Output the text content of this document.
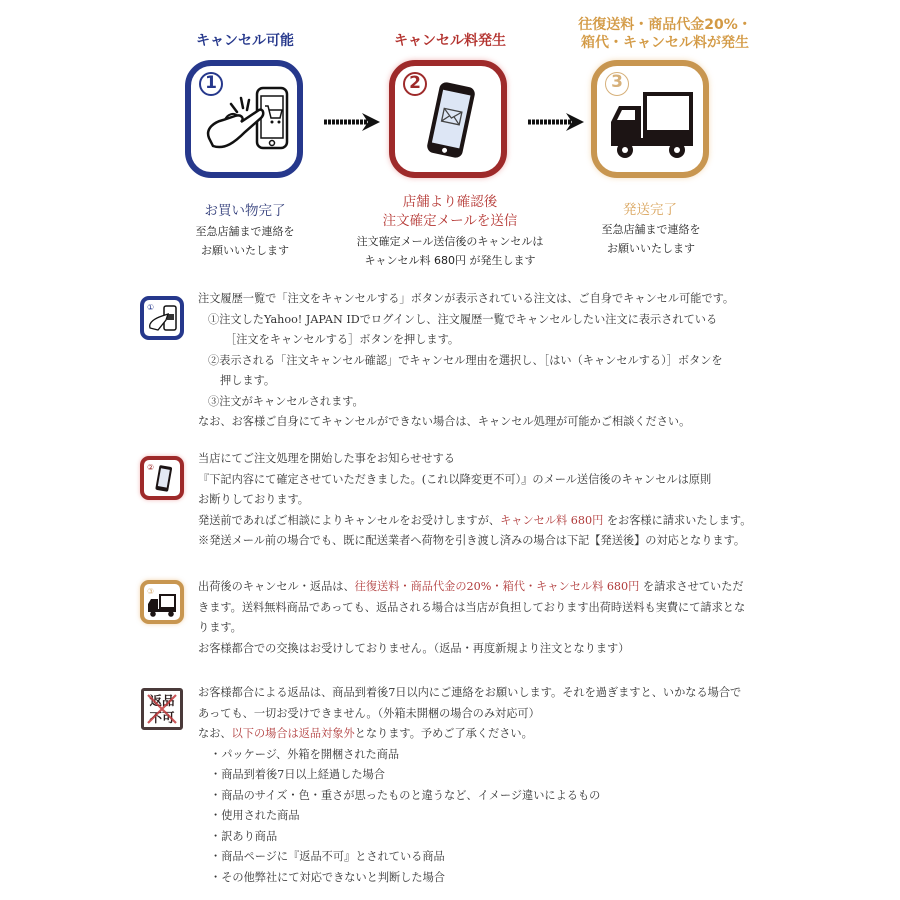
キャンセル可能
1
お買い物完了
至急店舗まで連絡を
お願いいたします
キャンセル料発生
2
店舗より確認後
注文確定メールを送信
注文確定メール送信後のキャンセルは
キャンセル料 680円 が発生します
往復送料・商品代金20%・
箱代・キャンセル料が発生
3
発送完了
至急店舗まで連絡を
お願いいたします
①
注文履歴一覧で「注文をキャンセルする」ボタンが表示されている注文は、ご自身でキャンセル可能です。
①注文したYahoo! JAPAN IDでログインし、注文履歴一覧でキャンセルしたい注文に表示されている
［注文をキャンセルする］ボタンを押します。
②表示される「注文キャンセル確認」でキャンセル理由を選択し、［はい（キャンセルする）］ボタンを
押します。
③注文がキャンセルされます。
なお、お客様ご自身にてキャンセルができない場合は、キャンセル処理が可能かご相談ください。
②
当店にてご注文処理を開始した事をお知らせせする
『下記内容にて確定させていただきました。(これ以降変更不可）』のメール送信後のキャンセルは原則
お断りしております。
発送前であればご相談によりキャンセルをお受けしますが、キャンセル料 680円 をお客様に請求いたします。
※発送メール前の場合でも、既に配送業者へ荷物を引き渡し済みの場合は下記【発送後】の対応となります。
③	出荷後のキャンセル・返品は、往復送料・商品代金の20%・箱代・キャンセル料 680円 を請求させていただ
きます。送料無料商品であっても、返品される場合は当店が負担しております出荷時送料も実費にて請求とな
ります。
お客様都合での交換はお受けしておりません。（返品・再度新規より注文となります）
返品
不可
お客様都合による返品は、商品到着後7日以内にご連絡をお願いします。それを過ぎますと、いかなる場合で
あっても、一切お受けできません。（外箱未開梱の場合のみ対応可）
なお、以下の場合は返品対象外となります。予めご了承ください。
・パッケージ、外箱を開梱された商品
・商品到着後7日以上経過した場合
・商品のサイズ・色・重さが思ったものと違うなど、イメージ違いによるもの
・使用された商品
・訳あり商品
・商品ページに『返品不可』とされている商品
・その他弊社にて対応できないと判断した場合
